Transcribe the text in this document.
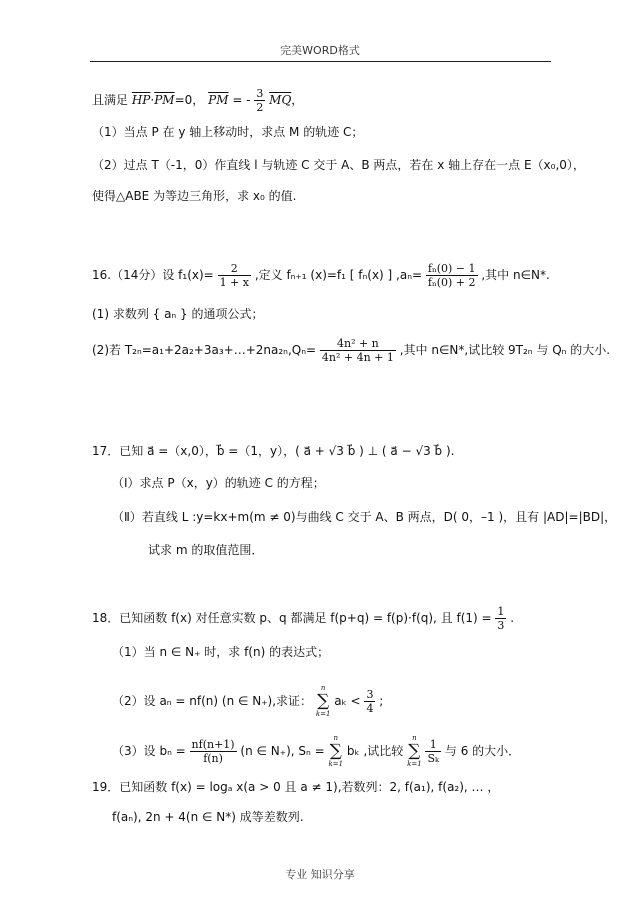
完美WORD格式
且满足 $\overline{HP}\cdot\overline{PM}=0$， $\overline{PM}$ = - $\frac{3}{2} \overline{MQ}$，
（1）当点 P 在 y 轴上移动时，求点 M 的轨迹 C；
（2）过点 T（-1，0）作直线 l 与轨迹 C 交于 A、B 两点，若在 x 轴上存在一点 E（x₀,0），
使得△ABE 为等边三角形，求 x₀ 的值.
16.（14分）设 $f_1(x)= \frac{2}{1 + x}$ ,定义 fₙ₊₁ (x)=f₁ [ fₙ(x) ] $,a_n= \frac{\text{fₙ(0) − 1}}{\text{fₙ(0) + 2}}$ ,其中 n∈N*.
(1) 求数列 { aₙ } 的通项公式；
(2)若 T₂ₙ=a₁+2a₂+3a₃+…+2na₂ₙ,Qₙ= $\frac{\text{4n² + n}}{\text{4n² + 4n + 1}}$ ,其中 n∈N*,试比较 9T₂ₙ 与 Qₙ 的大小.
17．已知 a⃗ =（x,0），b⃗ =（1，y），( a⃗ + √3 b⃗ ) ⊥ ( a⃗ − √3 b⃗ ).
（Ⅰ）求点 P（x，y）的轨迹 C 的方程；
（Ⅱ）若直线 L :y=kx+m(m ≠ 0)与曲线 C 交于 A、B 两点，D( 0，–1 )，且有 |AD|=|BD|，
试求 m 的取值范围．
18．已知函数 f(x) 对任意实数 p、q 都满足 f(p+q) = f(p)·f(q), 且 $f(1) = \frac{1}{3}$ .
（1）当 n ∈ N₊ 时，求 f(n) 的表达式；
（2）设 aₙ = nf(n) (n ∈ N₊),求证：
n
∑
k=1
$a_k < \frac{3}{4}$ ;
（3）设 $b_n = \frac{nf(n+1)}{f(n)} (n$ ∈ N₊), Sₙ =
n
∑
k=1
bₖ ,试比较
n
∑
k=1
$\frac{1}{\text{Sₖ}}$ 与 6 的大小．
19．已知函数 f(x) = logₐ x(a > 0 且 a ≠ 1),若数列：2, f(a₁), f(a₂), … ，
f(aₙ), 2n + 4(n ∈ N*) 成等差数列.
专业 知识分享
